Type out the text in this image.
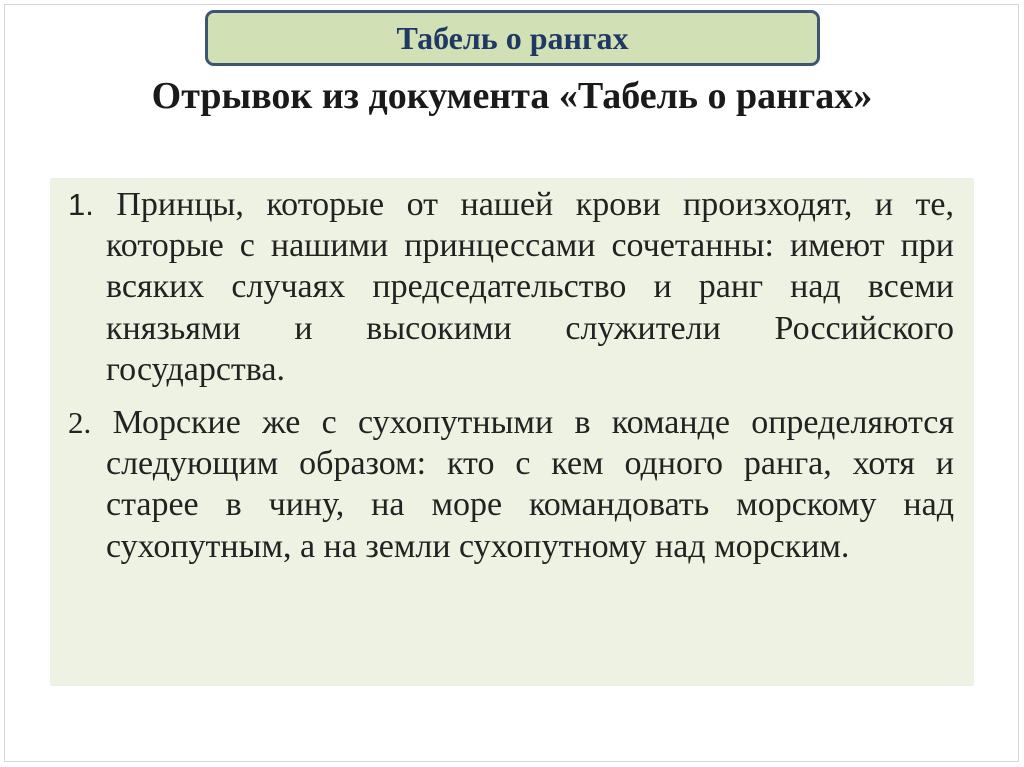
Табель о рангах
Отрывок из документа «Табель о рангах»

1. Принцы, которые от нашей крови произходят, и те, которые с нашими принцессами сочетанны: имеют при всяких случаях председательство и ранг над всеми князьями и высокими служители Российского государства.

2. Морские же с сухопутными в команде определяются следующим образом: кто с кем одного ранга, хотя и старее в чину, на море командовать морскому над сухопутным, а на земли сухопутному над морским.
